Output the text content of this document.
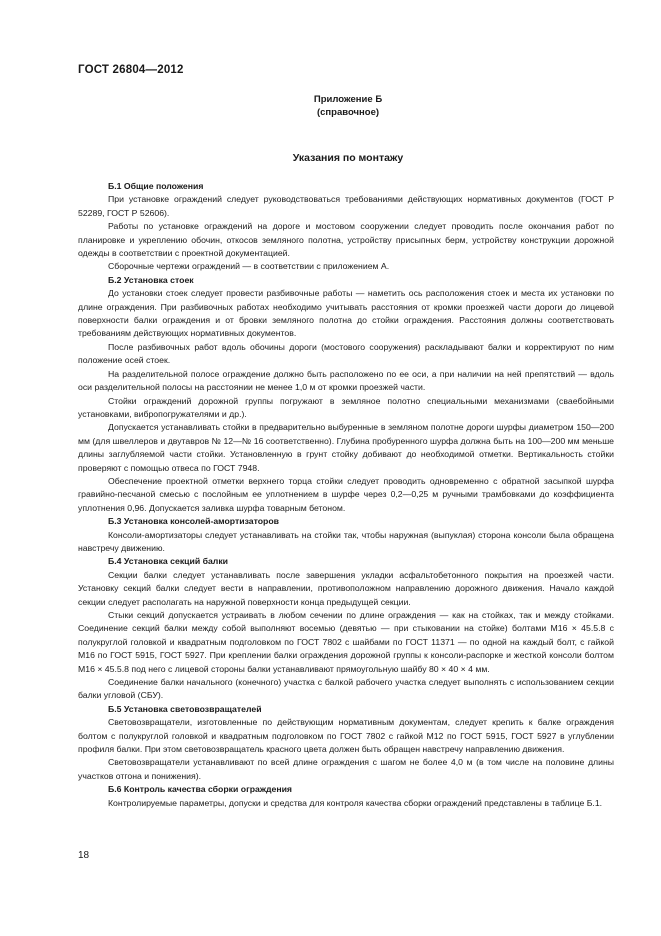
ГОСТ 26804—2012
Приложение Б
(справочное)
Указания по монтажу
Б.1 Общие положения

При установке ограждений следует руководствоваться требованиями действующих нормативных документов (ГОСТ Р 52289, ГОСТ Р 52606).

Работы по установке ограждений на дороге и мостовом сооружении следует проводить после окончания работ по планировке и укреплению обочин, откосов земляного полотна, устройству присыпных берм, устройству конструкции дорожной одежды в соответствии с проектной документацией.

Сборочные чертежи ограждений — в соответствии с приложением А.

Б.2 Установка стоек

До установки стоек следует провести разбивочные работы — наметить ось расположения стоек и места их установки по длине ограждения. При разбивочных работах необходимо учитывать расстояния от кромки проезжей части дороги до лицевой поверхности балки ограждения и от бровки земляного полотна до стойки ограждения. Расстояния должны соответствовать требованиям действующих нормативных документов.

После разбивочных работ вдоль обочины дороги (мостового сооружения) раскладывают балки и корректируют по ним положение осей стоек.

На разделительной полосе ограждение должно быть расположено по ее оси, а при наличии на ней препятствий — вдоль оси разделительной полосы на расстоянии не менее 1,0 м от кромки проезжей части.

Стойки ограждений дорожной группы погружают в земляное полотно специальными механизмами (сваебойными установками, вибропогружателями и др.).

Допускается устанавливать стойки в предварительно выбуренные в земляном полотне дороги шурфы диаметром 150—200 мм (для швеллеров и двутавров № 12—№ 16 соответственно). Глубина пробуренного шурфа должна быть на 100—200 мм меньше длины заглубляемой части стойки. Установленную в грунт стойку добивают до необходимой отметки. Вертикальность стойки проверяют с помощью отвеса по ГОСТ 7948.

Обеспечение проектной отметки верхнего торца стойки следует проводить одновременно с обратной засыпкой шурфа гравийно-песчаной смесью с послойным ее уплотнением в шурфе через 0,2—0,25 м ручными трамбовками до коэффициента уплотнения 0,96. Допускается заливка шурфа товарным бетоном.

Б.3 Установка консолей-амортизаторов

Консоли-амортизаторы следует устанавливать на стойки так, чтобы наружная (выпуклая) сторона консоли была обращена навстречу движению.

Б.4 Установка секций балки

Секции балки следует устанавливать после завершения укладки асфальтобетонного покрытия на проезжей части. Установку секций балки следует вести в направлении, противоположном направлению дорожного движения. Начало каждой секции следует располагать на наружной поверхности конца предыдущей секции.

Стыки секций допускается устраивать в любом сечении по длине ограждения — как на стойках, так и между стойками. Соединение секций балки между собой выполняют восемью (девятью — при стыковании на стойке) болтами М16 × 45.5.8 с полукруглой головкой и квадратным подголовком по ГОСТ 7802 с шайбами по ГОСТ 11371 — по одной на каждый болт, с гайкой М16 по ГОСТ 5915, ГОСТ 5927. При креплении балки ограждения дорожной группы к консоли-распорке и жесткой консоли болтом М16 × 45.5.8 под него с лицевой стороны балки устанавливают прямоугольную шайбу 80 × 40 × 4 мм.

Соединение балки начального (конечного) участка с балкой рабочего участка следует выполнять с использованием секции балки угловой (СБУ).

Б.5 Установка световозвращателей

Световозвращатели, изготовленные по действующим нормативным документам, следует крепить к балке ограждения болтом с полукруглой головкой и квадратным подголовком по ГОСТ 7802 с гайкой М12 по ГОСТ 5915, ГОСТ 5927 в углублении профиля балки. При этом световозвращатель красного цвета должен быть обращен навстречу направлению движения.

Световозвращатели устанавливают по всей длине ограждения с шагом не более 4,0 м (в том числе на половине длины участков отгона и понижения).

Б.6 Контроль качества сборки ограждения

Контролируемые параметры, допуски и средства для контроля качества сборки ограждений представлены в таблице Б.1.

18
